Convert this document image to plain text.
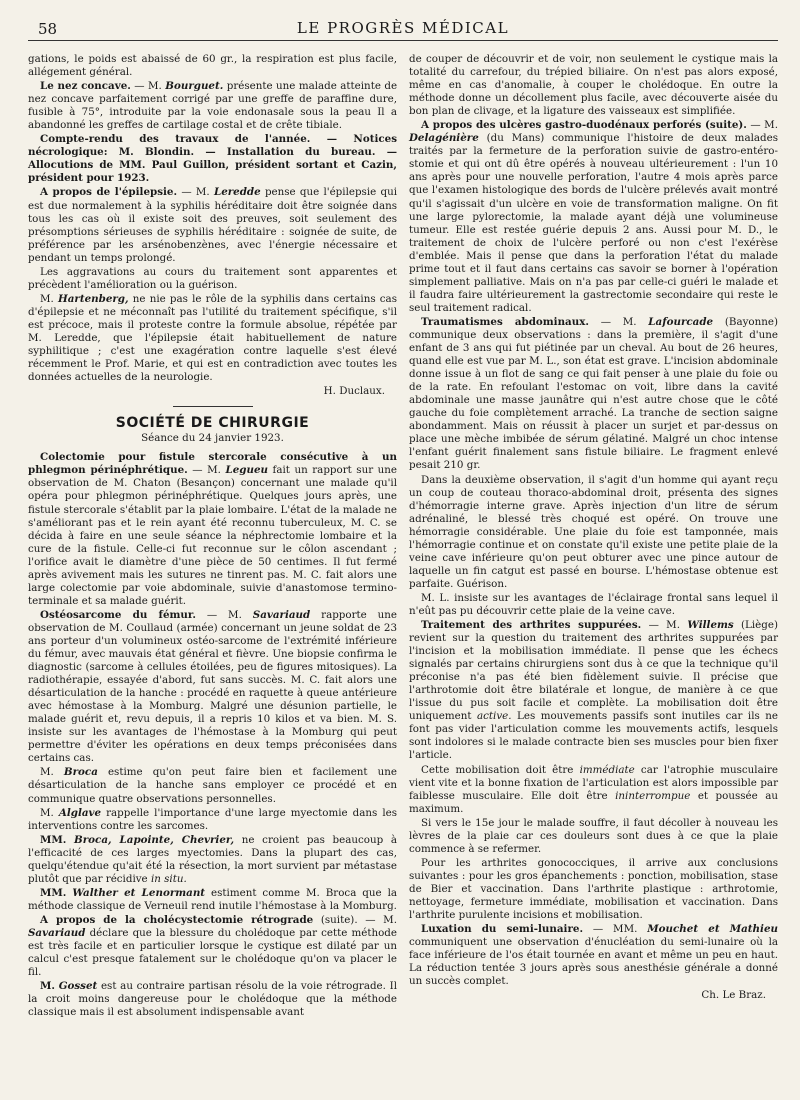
58	LE PROGRÈS MÉDICAL

gations, le poids est abaissé de 60 gr., la respiration est plus facile, allégement général.

Le nez concave. — M. Bourguet. présente une malade atteinte de nez concave parfaitement corrigé par une greffe de paraffine dure, fusible à 75°, introduite par la voie endonasale sous la peau Il a abandonné les greffes de cartilage costal et de crête tibiale.

Compte-rendu des travaux de l'année. — Notices nécrologique: M. Blondin. — Installation du bureau. — Allocutions de MM. Paul Guillon, président sortant et Cazin, président pour 1923.

A propos de l'épilepsie. — M. Leredde pense que l'épilepsie qui est due normalement à la syphilis héréditaire doit être soignée dans tous les cas où il existe soit des preuves, soit seulement des présomptions sérieuses de syphilis héréditaire : soignée de suite, de préférence par les arsénobenzènes, avec l'énergie nécessaire et pendant un temps prolongé.

Les aggravations au cours du traitement sont apparentes et précèdent l'amélioration ou la guérison.

M. Hartenberg, ne nie pas le rôle de la syphilis dans certains cas d'épilepsie et ne méconnaît pas l'utilité du traitement spécifique, s'il est précoce, mais il proteste contre la formule absolue, répétée par M. Leredde, que l'épilepsie était habituellement de nature syphilitique ; c'est une exagération contre laquelle s'est élevé récemment le Prof. Marie, et qui est en contradiction avec toutes les données actuelles de la neurologie.

H. Duclaux.
SOCIÉTÉ DE CHIRURGIE
Séance du 24 janvier 1923.

Colectomie pour fistule stercorale consécutive à un phlegmon périnéphrétique. — M. Legueu fait un rapport sur une observation de M. Chaton (Besançon) concernant une malade qu'il opéra pour phlegmon périnéphrétique. Quelques jours après, une fistule stercorale s'établit par la plaie lombaire. L'état de la malade ne s'améliorant pas et le rein ayant été reconnu tuberculeux, M. C. se décida à faire en une seule séance la néphrectomie lombaire et la cure de la fistule. Celle-ci fut reconnue sur le côlon ascendant ; l'orifice avait le diamètre d'une pièce de 50 centimes. Il fut fermé après avivement mais les sutures ne tinrent pas. M. C. fait alors une large colectomie par voie abdominale, suivie d'anastomose termino-terminale et sa malade guérit.

Ostéosarcome du fémur. — M. Savariaud rapporte une observation de M. Coullaud (armée) concernant un jeune soldat de 23 ans porteur d'un volumineux ostéo-sarcome de l'extrémité inférieure du fémur, avec mauvais état général et fièvre. Une biopsie confirma le diagnostic (sarcome à cellules étoilées, peu de figures mitosiques). La radiothérapie, essayée d'abord, fut sans succès. M. C. fait alors une désarticulation de la hanche : procédé en raquette à queue antérieure avec hémostase à la Momburg. Malgré une désunion partielle, le malade guérit et, revu depuis, il a repris 10 kilos et va bien. M. S. insiste sur les avantages de l'hémostase à la Momburg qui peut permettre d'éviter les opérations en deux temps préconisées dans certains cas.

M. Broca estime qu'on peut faire bien et facilement une désarticulation de la hanche sans employer ce procédé et en communique quatre observations personnelles.

M. Alglave rappelle l'importance d'une large myectomie dans les interventions contre les sarcomes.

MM. Broca, Lapointe, Chevrier, ne croient pas beaucoup à l'efficacité de ces larges myectomies. Dans la plupart des cas, quelqu'étendue qu'ait été la résection, la mort survient par métastase plutôt que par récidive in situ.

MM. Walther et Lenormant estiment comme M. Broca que la méthode classique de Verneuil rend inutile l'hémostase à la Momburg.

A propos de la cholécystectomie rétrograde (suite). — M. Savariaud déclare que la blessure du cholédoque par cette méthode est très facile et en particulier lorsque le cystique est dilaté par un calcul c'est presque fatalement sur le cholédoque qu'on va placer le fil.

M. Gosset est au contraire partisan résolu de la voie rétrograde. Il la croit moins dangereuse pour le cholédoque que la méthode classique mais il est absolument indispensable avant

de couper de découvrir et de voir, non seulement le cystique mais la totalité du carrefour, du trépied biliaire. On n'est pas alors exposé, même en cas d'anomalie, à couper le cholédoque. En outre la méthode donne un décollement plus facile, avec découverte aisée du bon plan de clivage, et la ligature des vaisseaux est simplifiée.

A propos des ulcères gastro-duodénaux perforés (suite). — M. Delagénière (du Mans) communique l'histoire de deux malades traités par la fermeture de la perforation suivie de gastro-entéro-stomie et qui ont dû être opérés à nouveau ultérieurement : l'un 10 ans après pour une nouvelle perforation, l'autre 4 mois après parce que l'examen histologique des bords de l'ulcère prélevés avait montré qu'il s'agissait d'un ulcère en voie de transformation maligne. On fit une large pylorectomie, la malade ayant déjà une volumineuse tumeur. Elle est restée guérie depuis 2 ans. Aussi pour M. D., le traitement de choix de l'ulcère perforé ou non c'est l'exérèse d'emblée. Mais il pense que dans la perforation l'état du malade prime tout et il faut dans certains cas savoir se borner à l'opération simplement palliative. Mais on n'a pas par celle-ci guéri le malade et il faudra faire ultérieurement la gastrectomie secondaire qui reste le seul traitement radical.

Traumatismes abdominaux. — M. Lafourcade (Bayonne) communique deux observations : dans la première, il s'agit d'une enfant de 3 ans qui fut piétinée par un cheval. Au bout de 26 heures, quand elle est vue par M. L., son état est grave. L'incision abdominale donne issue à un flot de sang ce qui fait penser à une plaie du foie ou de la rate. En refoulant l'estomac on voit, libre dans la cavité abdominale une masse jaunâtre qui n'est autre chose que le côté gauche du foie complètement arraché. La tranche de section saigne abondamment. Mais on réussit à placer un surjet et par-dessus on place une mèche imbibée de sérum gélatiné. Malgré un choc intense l'enfant guérit finalement sans fistule biliaire. Le fragment enlevé pesait 210 gr.

Dans la deuxième observation, il s'agit d'un homme qui ayant reçu un coup de couteau thoraco-abdominal droit, présenta des signes d'hémorragie interne grave. Après injection d'un litre de sérum adrénaliné, le blessé très choqué est opéré. On trouve une hémorragie considérable. Une plaie du foie est tamponnée, mais l'hémorragie continue et on constate qu'il existe une petite plaie de la veine cave inférieure qu'on peut obturer avec une pince autour de laquelle un fin catgut est passé en bourse. L'hémostase obtenue est parfaite. Guérison.

M. L. insiste sur les avantages de l'éclairage frontal sans lequel il n'eût pas pu découvrir cette plaie de la veine cave.

Traitement des arthrites suppurées. — M. Willems (Liège) revient sur la question du traitement des arthrites suppurées par l'incision et la mobilisation immédiate. Il pense que les échecs signalés par certains chirurgiens sont dus à ce que la technique qu'il préconise n'a pas été bien fidèlement suivie. Il précise que l'arthrotomie doit être bilatérale et longue, de manière à ce que l'issue du pus soit facile et complète. La mobilisation doit être uniquement active. Les mouvements passifs sont inutiles car ils ne font pas vider l'articulation comme les mouvements actifs, lesquels sont indolores si le malade contracte bien ses muscles pour bien fixer l'article.

Cette mobilisation doit être immédiate car l'atrophie musculaire vient vite et la bonne fixation de l'articulation est alors impossible par faiblesse musculaire. Elle doit être ininterrompue et poussée au maximum.

Si vers le 15e jour le malade souffre, il faut décoller à nouveau les lèvres de la plaie car ces douleurs sont dues à ce que la plaie commence à se refermer.

Pour les arthrites gonococciques, il arrive aux conclusions suivantes : pour les gros épanchements : ponction, mobilisation, stase de Bier et vaccination. Dans l'arthrite plastique : arthrotomie, nettoyage, fermeture immédiate, mobilisation et vaccination. Dans l'arthrite purulente incisions et mobilisation.

Luxation du semi-lunaire. — MM. Mouchet et Mathieu communiquent une observation d'énucléation du semi-lunaire où la face inférieure de l'os était tournée en avant et même un peu en haut. La réduction tentée 3 jours après sous anesthésie générale a donné un succès complet.

Ch. Le Braz.
